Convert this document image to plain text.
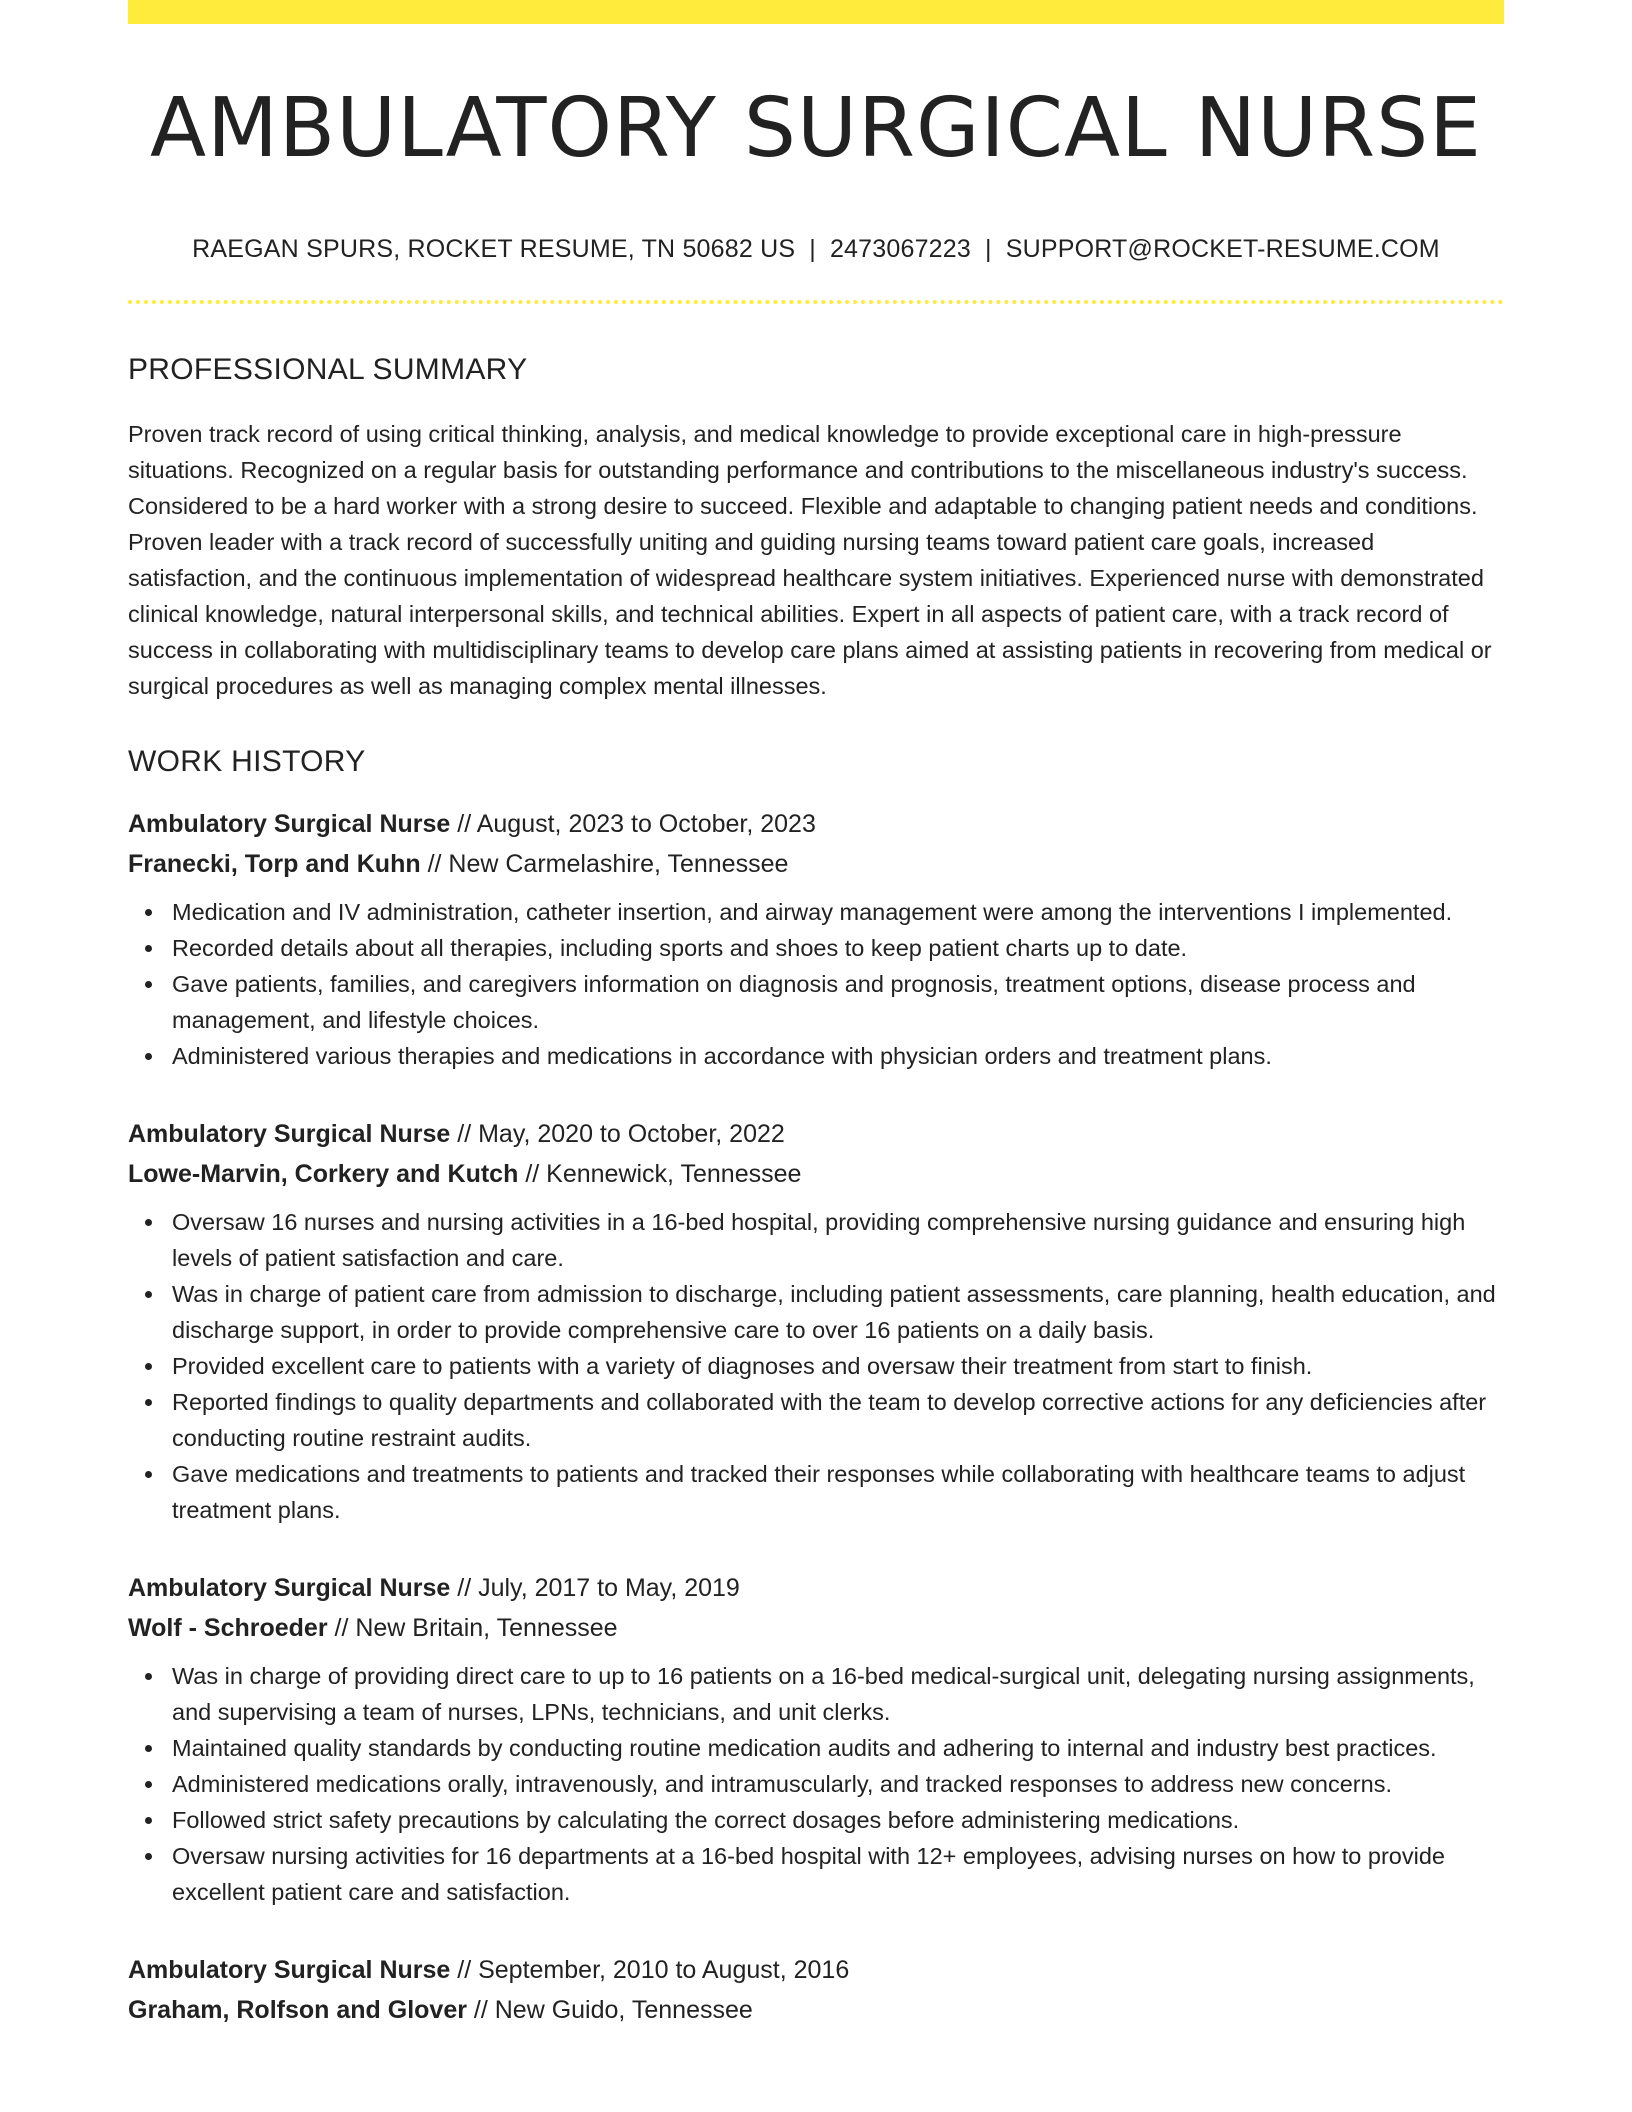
AMBULATORY SURGICAL NURSE
RAEGAN SPURS, ROCKET RESUME, TN 50682 US | 2473067223 | SUPPORT@ROCKET-RESUME.COM
PROFESSIONAL SUMMARY

Proven track record of using critical thinking, analysis, and medical knowledge to provide exceptional care in high-pressure situations. Recognized on a regular basis for outstanding performance and contributions to the miscellaneous industry's success. Considered to be a hard worker with a strong desire to succeed. Flexible and adaptable to changing patient needs and conditions. Proven leader with a track record of successfully uniting and guiding nursing teams toward patient care goals, increased satisfaction, and the continuous implementation of widespread healthcare system initiatives. Experienced nurse with demonstrated clinical knowledge, natural interpersonal skills, and technical abilities. Expert in all aspects of patient care, with a track record of success in collaborating with multidisciplinary teams to develop care plans aimed at assisting patients in recovering from medical or surgical procedures as well as managing complex mental illnesses.

WORK HISTORY
Ambulatory Surgical Nurse // August, 2023 to October, 2023
Franecki, Torp and Kuhn // New Carmelashire, Tennessee
Medication and IV administration, catheter insertion, and airway management were among the interventions I implemented.
Recorded details about all therapies, including sports and shoes to keep patient charts up to date.
Gave patients, families, and caregivers information on diagnosis and prognosis, treatment options, disease process and management, and lifestyle choices.
Administered various therapies and medications in accordance with physician orders and treatment plans.
Ambulatory Surgical Nurse // May, 2020 to October, 2022
Lowe-Marvin, Corkery and Kutch // Kennewick, Tennessee
Oversaw 16 nurses and nursing activities in a 16-bed hospital, providing comprehensive nursing guidance and ensuring high levels of patient satisfaction and care.
Was in charge of patient care from admission to discharge, including patient assessments, care planning, health education, and discharge support, in order to provide comprehensive care to over 16 patients on a daily basis.
Provided excellent care to patients with a variety of diagnoses and oversaw their treatment from start to finish.
Reported findings to quality departments and collaborated with the team to develop corrective actions for any deficiencies after conducting routine restraint audits.
Gave medications and treatments to patients and tracked their responses while collaborating with healthcare teams to adjust treatment plans.
Ambulatory Surgical Nurse // July, 2017 to May, 2019
Wolf - Schroeder // New Britain, Tennessee
Was in charge of providing direct care to up to 16 patients on a 16-bed medical-surgical unit, delegating nursing assignments, and supervising a team of nurses, LPNs, technicians, and unit clerks.
Maintained quality standards by conducting routine medication audits and adhering to internal and industry best practices.
Administered medications orally, intravenously, and intramuscularly, and tracked responses to address new concerns.
Followed strict safety precautions by calculating the correct dosages before administering medications.
Oversaw nursing activities for 16 departments at a 16-bed hospital with 12+ employees, advising nurses on how to provide excellent patient care and satisfaction.
Ambulatory Surgical Nurse // September, 2010 to August, 2016
Graham, Rolfson and Glover // New Guido, Tennessee
